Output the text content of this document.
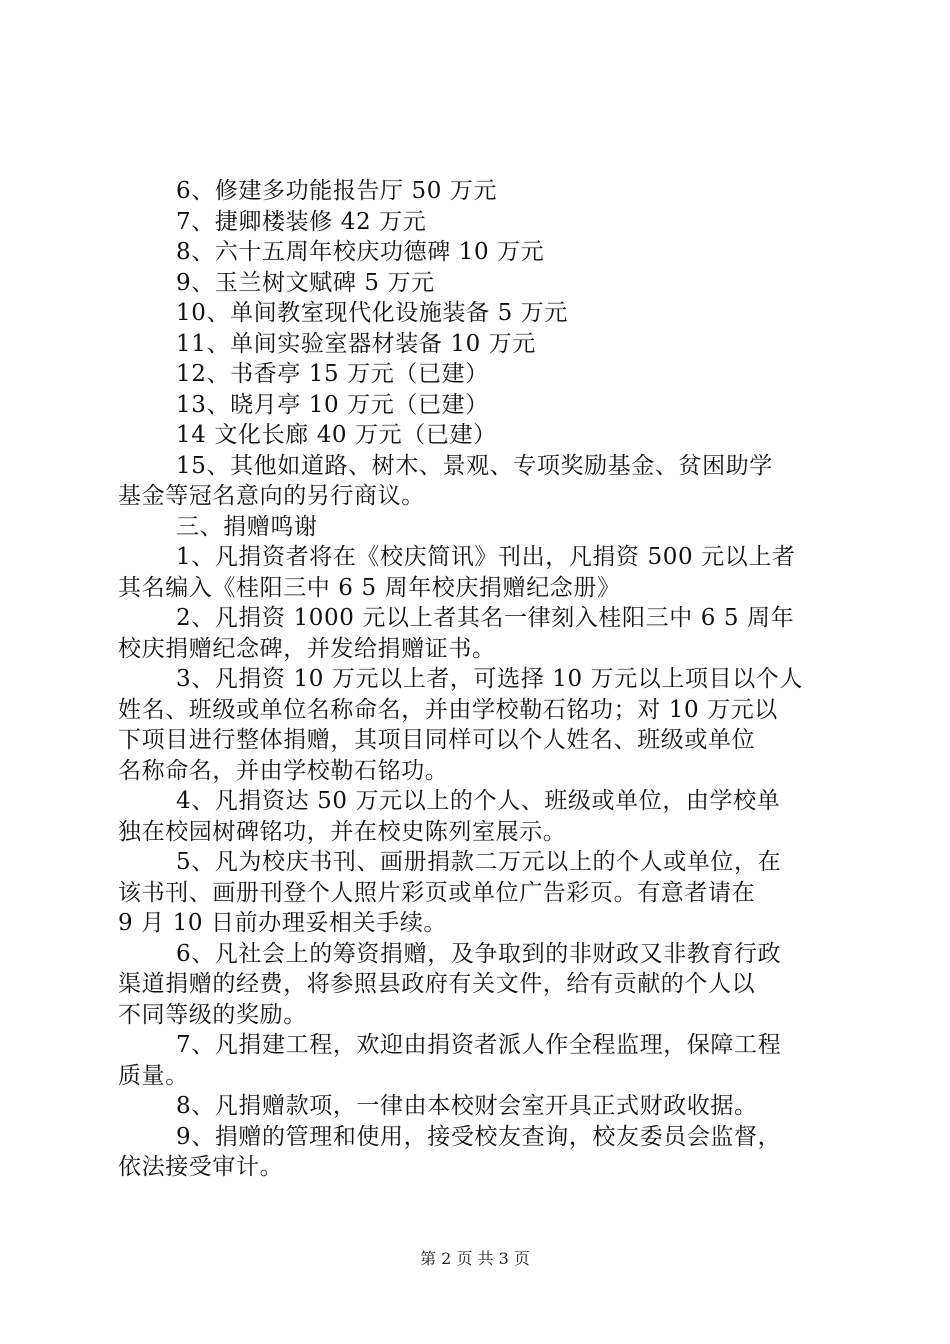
6、修建多功能报告厅 50 万元
7、捷卿楼装修 42 万元
8、六十五周年校庆功德碑 10 万元
9、玉兰树文赋碑 5 万元
10、单间教室现代化设施装备 5 万元
11、单间实验室器材装备 10 万元
12、书香亭 15 万元（已建）
13、晓月亭 10 万元（已建）
14 文化长廊 40 万元（已建）
15、其他如道路、树木、景观、专项奖励基金、贫困助学
基金等冠名意向的另行商议。
三、捐赠鸣谢
1、凡捐资者将在《校庆简讯》刊出，凡捐资 500 元以上者
其名编入《桂阳三中 6 5 周年校庆捐赠纪念册》
2、凡捐资 1000 元以上者其名一律刻入桂阳三中 6 5 周年
校庆捐赠纪念碑，并发给捐赠证书。
3、凡捐资 10 万元以上者，可选择 10 万元以上项目以个人
姓名、班级或单位名称命名，并由学校勒石铭功；对 10 万元以
下项目进行整体捐赠，其项目同样可以个人姓名、班级或单位
名称命名，并由学校勒石铭功。
4、凡捐资达 50 万元以上的个人、班级或单位，由学校单
独在校园树碑铭功，并在校史陈列室展示。
5、凡为校庆书刊、画册捐款二万元以上的个人或单位，在
该书刊、画册刊登个人照片彩页或单位广告彩页。有意者请在
9 月 10 日前办理妥相关手续。
6、凡社会上的筹资捐赠，及争取到的非财政又非教育行政
渠道捐赠的经费，将参照县政府有关文件，给有贡献的个人以
不同等级的奖励。
7、凡捐建工程，欢迎由捐资者派人作全程监理，保障工程
质量。
8、凡捐赠款项，一律由本校财会室开具正式财政收据。
9、捐赠的管理和使用，接受校友查询，校友委员会监督，
依法接受审计。
第 2 页 共 3 页
